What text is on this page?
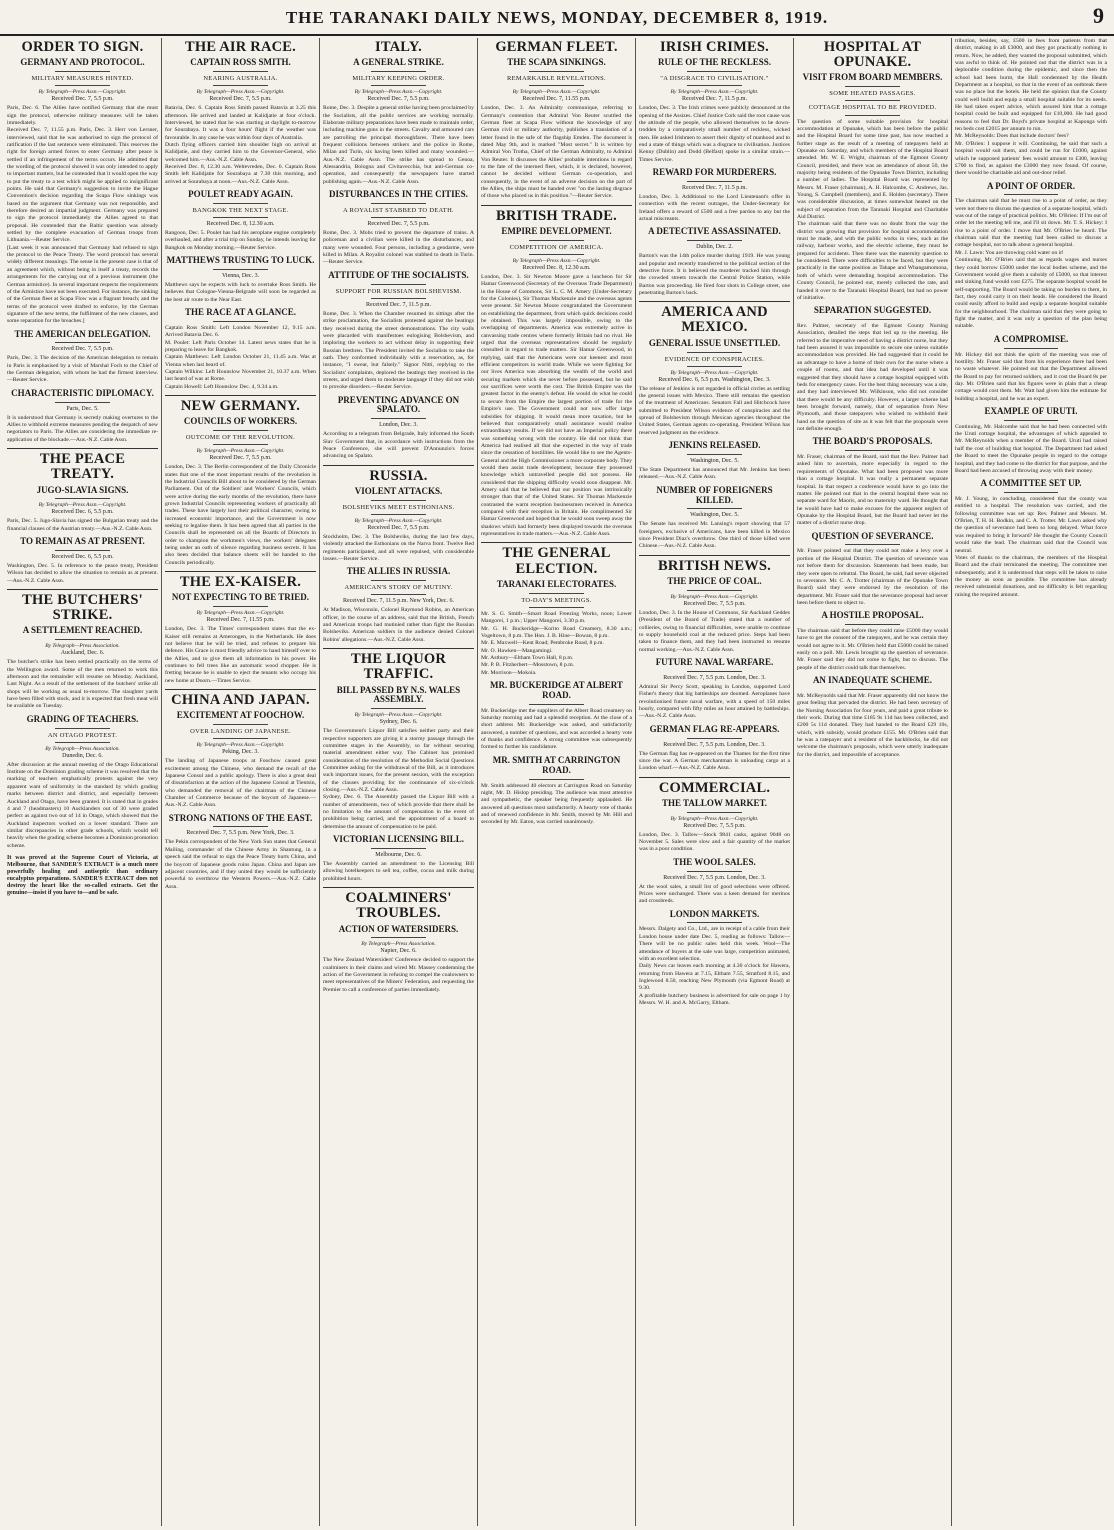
THE TARANAKI DAILY NEWS, MONDAY, DECEMBER 8, 1919.	9
ORDER TO SIGN.
GERMANY AND PROTOCOL.
MILITARY MEASURES HINTED.
By Telegraph—Press Assn.—Copyright.
Received Dec. 7, 5.5 p.m.

Paris, Dec. 6. The Allies have notified Germany that she must sign the protocol, otherwise military measures will be taken immediately.
Received Dec. 7, 11.55 p.m. Paris, Dec. 3. Herr von Lersner, interviewed, said that he was authorised to sign the protocol of ratification if the last sentence were eliminated. This reserves the right for foreign armed forces to enter Germany after peace is settled if an infringement of the terms occurs. He admitted that the wording of the protocol showed it was only intended to apply to important matters, but he contended that it would open the way to put the treaty to a test which might be applied to insignificant points. He said that Germany's suggestion to invite the Hague Convention's decision regarding the Scapa Flow sinkings was based on the argument that Germany was not responsible, and therefore desired an impartial judgment. Germany was prepared to sign the protocol immediately the Allies agreed to that proposal. He contended that the Baltic question was already settled by the complete evacuation of German troops from Lithuania.—Reuter Service.
[Last week it was announced that Germany had refused to sign the protocol to the Peace Treaty. The word protocol has several widely different meanings. The sense in the present case is that of an agreement which, without being in itself a treaty, records the arrangements for the carrying out of a previous instrument (the German armistice). In several important respects the requirements of the Armistice have not been executed. For instance, the sinking of the German fleet at Scapa Flow was a flagrant breach; and the terms of the protocol were drafted to enforce, by the German signature of the new terms, the fulfilment of the new clauses, and some reparation for the breaches.]

THE AMERICAN DELEGATION.
Received Dec. 7, 5.5 p.m.

Paris, Dec. 3. The decision of the American delegation to remain in Paris is emphasised by a visit of Marshal Foch to the Chief of the German delegation, with whom he had the firmest interview.—Reuter Service.

CHARACTERISTIC DIPLOMACY.
Paris, Dec. 5.

It is understood that Germany is secretly making overtures to the Allies to withhold extreme measures pending the despatch of new negotiators to Paris. The Allies are considering the immediate re-application of the blockade.—Aus.-N.Z. Cable Assn.

THE PEACE TREATY.
JUGO-SLAVIA SIGNS.
By Telegraph—Press Assn.—Copyright.
Received Dec. 6, 5.5 p.m.

Paris, Dec. 5. Jugo-Slavia has signed the Bulgarian treaty and the financial clauses of the Austrian treaty.—Aus.-N.Z. Cable Assn.

TO REMAIN AS AT PRESENT.
Received Dec. 6, 5.5 p.m.

Washington, Dec. 5. In reference to the peace treaty, President Wilson has decided to allow the situation to remain as at present.—Aus.-N.Z. Cable Assn.

THE BUTCHERS' STRIKE.
A SETTLEMENT REACHED.
By Telegraph—Press Association.
Auckland, Dec. 6.

The butcher's strike has been settled practically on the terms of the Wellington award. Some of the men returned to work this afternoon and the remainder will resume on Monday. Auckland, Last Night. As a result of the settlement of the butchers' strike all shops will be working as usual to-morrow. The slaughter yards have been filled with stock, and it is expected that fresh meat will be available on Tuesday.

GRADING OF TEACHERS.
AN OTAGO PROTEST.
By Telegraph—Press Association.
Dunedin, Dec. 6.

After discussion at the annual meeting of the Otago Educational Institute on the Dominion grading scheme it was resolved that the marking of teachers emphatically protests against the very apparent want of uniformity in the standard by which grading marks between district and district, and especially between Auckland and Otago, have been granted. It is stated that in grades 4 and 7 (headmasters) 10 Aucklanders out of 30 were graded perfect as against two out of 14 in Otago, which showed that the Auckland inspectors worked on a lower standard. There are similar discrepancies in other grade schools, which would tell heavily when the grading scheme becomes a Dominion promotion scheme.

It was proved at the Supreme Court of Victoria, at Melbourne, that SANDER'S EXTRACT is a much more powerfully healing and antiseptic than ordinary eucalyptus preparations. SANDER'S EXTRACT does not destroy the heart like the so-called extracts. Get the genuine—insist if you have to—and be safe.
THE AIR RACE.
CAPTAIN ROSS SMITH.
NEARING AUSTRALIA.
By Telegraph—Press Assn.—Copyright.
Received Dec. 7, 5.5 p.m.

Batavia, Dec. 6. Captain Ross Smith passed Batavia at 3.25 this afternoon. He arrived and landed at Kalidjatie at four o'clock. Interviewed, he stated that he was starting at daylight to-morrow for Sourabaya. It was a four hours' flight if the weather was favourable. In any case he was within four days of Australia.
Dutch flying officers carried him shoulder high on arrival at Kalidjatie, and they carried him to the Governor-General, who welcomed him.—Aus.-N.Z. Cable Assn.
Received Dec. 8, 12.30 a.m. Weltevreden, Dec. 6. Captain Ross Smith left Kalidjatie for Sourabaya at 7.30 this morning, and arrived at Sourabaya at noon.—Aus.-N.Z. Cable Assn.

POULET READY AGAIN.
BANGKOK THE NEXT STAGE.
Received Dec. 8, 12.30 a.m.

Rangoon, Dec. 5. Poulet has had his aeroplane engine completely overhauled, and after a trial trip on Sunday, he intends leaving for Bangkok on Monday morning.—Reuter Service.

MATTHEWS TRUSTING TO LUCK.
Vienna, Dec. 3.

Matthews says he expects with luck to overtake Ross Smith. He believes that Cologne-Vienna-Belgrade will soon be regarded as the best air route to the Near East.

THE RACE AT A GLANCE.

Captain Ross Smith: Left London November 12, 9.15 a.m. Arrived Batavia Dec. 6.
M. Poulet: Left Paris October 14. Latest news states that he is preparing to leave for Bangkok.
Captain Matthews: Left London October 21, 11.45 a.m. Was at Vienna when last heard of.
Captain Wilkins: Left Hounslow November 21, 10.37 a.m. When last heard of was at Rome.
Captain Howell: Left Hounslow Dec. 4, 9.34 a.m.

NEW GERMANY.
COUNCILS OF WORKERS.
OUTCOME OF THE REVOLUTION.
By Telegraph—Press Assn.—Copyright.
Received Dec. 7, 5.5 p.m.

London, Dec. 3. The Berlin correspondent of the Daily Chronicle states that one of the most important results of the revolution is the Industrial Councils Bill about to be considered by the German Parliament. Out of the Soldiers' and Workers' Councils, which were active during the early months of the revolution, there have grown Industrial Councils representing workers of practically all trades. These have largely lost their political character, owing to increased economic importance, and the Government is now seeking to legalise them. It has been agreed that all parties in the Councils shall be represented on all the Boards of Directors in order to champion the workmen's views, the workers' delegates being under an oath of silence regarding business secrets. It has also been decided that balance sheets will be handed to the Councils periodically.

THE EX-KAISER.
NOT EXPECTING TO BE TRIED.
By Telegraph—Press Assn.—Copyright.
Received Dec. 7, 11.55 p.m.

London, Dec. 3. The Times' correspondent states that the ex-Kaiser still remains at Amerongen, in the Netherlands. He does not believe that he will be tried, and refuses to prepare his defence. His Grace is most friendly advice to hand himself over to the Allies, and to give them all information in his power. He continues to fell trees like an automatic wood chopper. He is fretting because he is unable to eject the tenants who occupy his new home at Doorn.—Times Service.

CHINA AND JAPAN.
EXCITEMENT AT FOOCHOW.
OVER LANDING OF JAPANESE.
By Telegraph—Press Assn.—Copyright.
Peking, Dec. 3.

The landing of Japanese troops at Foochow caused great excitement among the Chinese, who demand the recall of the Japanese Consul and a public apology. There is also a great deal of dissatisfaction at the action of the Japanese Consul at Tientsin, who demanded the removal of the chairman of the Chinese Chamber of Commerce because of the boycott of Japanese.—Aus.-N.Z. Cable Assn.

STRONG NATIONS OF THE EAST.
Received Dec. 7, 5.5 p.m. New York, Dec. 3.

The Pekin correspondent of the New York Sun states that General Mailing, commander of the Chinese Army in Shantung, in a speech said the refusal to sign the Peace Treaty hurts China, and the boycott of Japanese goods ruins Japan. China and Japan are adjacent countries, and if they united they would be sufficiently powerful to overthrow the Western Powers.—Aus.-N.Z. Cable Assn.

ITALY.
A GENERAL STRIKE.
MILITARY KEEPING ORDER.
By Telegraph—Press Assn.—Copyright.
Received Dec. 7, 5.5 p.m.

Rome, Dec. 3. Despite a general strike having been proclaimed by the Socialists, all the public services are working normally. Elaborate military preparations have been made to maintain order, including machine guns in the streets. Cavalry and armoured cars are patrolling the principal thoroughfares. There have been frequent collisions between strikers and the police in Rome, Milan and Turin, six having been killed and many wounded.—Aus.-N.Z. Cable Assn. The strike has spread to Genoa, Alessandria, Bologna and Civitavecchia, but anti-German co-operation, and consequently the newspapers have started publishing again.—Aus.-N.Z. Cable Assn.

DISTURBANCES IN THE CITIES.
A ROYALIST STABBED TO DEATH.
Received Dec. 7, 5.5 p.m.

Rome, Dec. 3. Mobs tried to prevent the departure of trains. A policeman and a civilian were killed in the disturbances, and many were wounded. Four persons, including a gendarme, were killed in Milan. A Royalist colonel was stabbed to death in Turin.—Reuter Service.

ATTITUDE OF THE SOCIALISTS.
SUPPORT FOR RUSSIAN BOLSHEVISM.
Received Dec. 7, 11.5 p.m.

Rome, Dec. 3. When the Chamber resumed its sittings after the strike proclamation, the Socialists protested against the beatings they received during the street demonstrations. The city walls were placarded with manifestoes eulogising Bolshevism, and imploring the workers to act without delay in supporting their Russian brethren. The President invited the Socialists to take the oath. They conformed individually with a reservation, as, for instance, "I swear, but falsely." Signor Nitti, replying to the Socialists' complaints, deplored the beatings they received in the streets, and urged them to moderate language if they did not wish to provoke disorders.—Reuter Service.

PREVENTING ADVANCE ON SPALATO.
London, Dec. 3.

According to a telegram from Belgrade, Italy informed the South Slav Government that, in accordance with instructions from the Peace Conference, she will prevent D'Annunzio's forces advancing on Spalato.

RUSSIA.
VIOLENT ATTACKS.
BOLSHEVIKS MEET ESTHONIANS.
By Telegraph—Press Assn.—Copyright.
Received Dec. 7, 5.5 p.m.

Stockholm, Dec. 3. The Bolsheviks, during the last few days, violently attacked the Esthonians on the Narva front. Twelve Red regiments participated, and all were repulsed, with considerable losses.—Reuter Service.

THE ALLIES IN RUSSIA.
AMERICAN'S STORY OF MUTINY.
Received Dec. 7, 11.5 p.m. New York, Dec. 6.

At Madison, Wisconsin, Colonel Raymond Robins, an American officer, in the course of an address, said that the British, French and American troops had mutinied rather than fight the Russian Bolsheviks. American soldiers in the audience denied Colonel Robins' allegations.—Aus.-N.Z. Cable Assn.

THE LIQUOR TRAFFIC.
BILL PASSED BY N.S. WALES ASSEMBLY.
By Telegraph—Press Assn.—Copyright.
Sydney, Dec. 6.

The Government's Liquor Bill satisfies neither party and their respective supporters are giving it a stormy passage through the committee stages in the Assembly, so far without securing material amendment either way. The Cabinet has promised consideration of the resolution of the Methodist Social Questions Committee asking for the withdrawal of the Bill, as it introduces such important issues, for the present session, with the exception of the clauses providing for the continuance of six-o'clock closing.—Aus.-N.Z. Cable Assn.
Sydney, Dec. 6. The Assembly passed the Liquor Bill with a number of amendments, two of which provide that there shall be no limitation to the amount of compensation in the event of prohibition being carried, and the appointment of a board to determine the amount of compensation to be paid.

VICTORIAN LICENSING BILL.
Melbourne, Dec. 6.

The Assembly carried an amendment to the Licensing Bill allowing hotelkeepers to sell tea, coffee, cocoa and milk during prohibited hours.

COALMINERS' TROUBLES.
ACTION OF WATERSIDERS.
By Telegraph—Press Association.
Napier, Dec. 6.

The New Zealand Watersiders' Conference decided to support the coalminers in their claims and wired Mr. Massey condemning the action of the Government in refusing to compel the coalowners to meet representatives of the Miners' Federation, and requesting the Premier to call a conference of parties immediately.

GERMAN FLEET.
THE SCAPA SINKINGS.
REMARKABLE REVELATIONS.
By Telegraph—Press Assn.—Copyright.
Received Dec. 7, 11.55 p.m.

London, Dec. 3. An Admiralty communique, referring to Germany's contention that Admiral Von Reuter scuttled the German fleet at Scapa Flow without the knowledge of any German civil or military authority, publishes a translation of a letter found in the safe of the flagship Emden. The document is dated May 9th, and is marked "Most secret." It is written by Admiral Von Trotha, Chief of the German Admiralty, to Admiral Von Reuter. It discusses the Allies' probable intentions in regard to the fate of the interned fleet, which, it is declared, however, cannot be decided without German co-operation, and consequently, in the event of an adverse decision on the part of the Allies, the ships must be handed over "on the lasting disgrace of those who placed us in this position."—Reuter Service.

BRITISH TRADE.
EMPIRE DEVELOPMENT.
COMPETITION OF AMERICA.
By Telegraph—Press Assn.—Copyright.
Received Dec. 8, 12.30 a.m.

London, Dec. 3. Sir Newton Moore gave a luncheon for Sir Hamar Greenwood (Secretary of the Overseas Trade Department) in the House of Commons, Sir L. C. M. Amery (Under-Secretary for the Colonies), Sir Thomas Mackenzie and the overseas agents were present. Sir Newton Moore congratulated the Government on establishing the department, from which quick decisions could be obtained. This was largely impossible, owing to the overlapping of departments. America was extremely active in canvassing trade centres where formerly Britain had no rival. He urged that the overseas representatives should be regularly consulted in regard to trade matters. Sir Hamar Greenwood, in replying, said that the Americans were our keenest and most efficient competitors in world trade. While we were fighting for our lives America was absorbing the wealth of the world and securing markets which she never before possessed, but he said our sacrifices were worth the cost. The British Empire was the greatest factor in the enemy's defeat. He would do what he could to secure from the Empire the largest portion of trade for the Empire's use. The Government could not now offer large subsidies for shipping. It would mean more taxation, but he believed that comparatively small assistance would realise extraordinary results. If we did not have an Imperial policy there was something wrong with the country. He did not think that America had realised all that she expected in the way of trade since the cessation of hostilities. He would like to see the Agents-General and the High Commissioner a more corporate body. They would then assist trade development, because they possessed knowledge which untravelled people did not possess. He considered that the shipping difficulty would soon disappear. Mr. Amery said that he believed that our position was intrinsically stronger than that of the United States. Sir Thomas Mackenzie contrasted the warm reception businessmen received in America compared with their reception in Britain. He complimented Sir Hamar Greenwood and hoped that he would soon sweep away the shadows which had formerly been displayed towards the overseas representatives in trade matters.—Aus.-N.Z. Cable Assn.

THE GENERAL ELECTION.
TARANAKI ELECTORATES.
TO-DAY'S MEETINGS.

Mr. S. G. Smith—Smart Road Freezing Works, noon; Lower Mangorei, 1 p.m.; Upper Mangorei, 3.30 p.m.
Mr. G. H. Buckeridge—Korito Road Creamery, 8.30 a.m.; Vogeltown, 8 p.m. The Hon. J. B. Hine—Bowan, 8 p.m.
Mr. E. Maxwell—Kent Road; Pembroke Road, 8 p.m.
Mr. O. Hawken—Mangamingi.
Mr. Astbury—Eltham Town Hall, 8 p.m.
Mr. P. B. Fitzherbert—Mosstown, 8 p.m.
Mr. Morrison—Mokoia.

MR. BUCKERIDGE AT ALBERT ROAD.

Mr. Buckeridge met the suppliers of the Albert Road creamery on Saturday morning and had a splendid reception. At the close of a short address Mr. Buckeridge was asked, and satisfactorily answered, a number of questions, and was accorded a hearty vote of thanks and confidence. A strong committee was subsequently formed to further his candidature.

MR. SMITH AT CARRINGTON ROAD.

Mr. Smith addressed 40 electors at Carrington Road on Saturday night, Mr. D. Hislop presiding. The audience was most attentive and sympathetic, the speaker being frequently applauded. He answered all questions most satisfactorily. A hearty vote of thanks and of renewed confidence in Mr. Smith, moved by Mr. Hill and seconded by Mr. Eaton, was carried unanimously.

IRISH CRIMES.
RULE OF THE RECKLESS.
"A DISGRACE TO CIVILISATION."
By Telegraph—Press Assn.—Copyright.
Received Dec. 7, 11.5 p.m.

London, Dec. 3. The Irish crimes were publicly denounced at the opening of the Assizes. Chief Justice Cork said the root cause was the attitude of the people, who allowed themselves to be down-trodden by a comparatively small number of reckless, wicked men. He asked Irishmen to assert their dignity of manhood and to end a state of things which was a disgrace to civilisation. Justices Kenny (Dublin) and Dodd (Belfast) spoke in a similar strain.—Times Service.

REWARD FOR MURDERERS.
Received Dec. 7, 11.5 p.m.

London, Dec. 3. Additional to the Lord Lieutenant's offer in connection with the recent outrages, the Under-Secretary for Ireland offers a reward of £500 and a free pardon to any but the actual miscreants.

A DETECTIVE ASSASSINATED.
Dublin, Dec. 2.

Barton's was the 14th police murder during 1919. He was young and popular and recently transferred to the political section of the detective force. It is believed the murderer tracked him through the crowded streets towards the Central Police Station, while Barton was proceeding. He fired four shots in College street, one penetrating Barton's back.

AMERICA AND MEXICO.
GENERAL ISSUE UNSETTLED.
EVIDENCE OF CONSPIRACIES.
By Telegraph—Press Assn.—Copyright.
Received Dec. 6, 5.5 p.m. Washington, Dec. 3.

The release of Jenkins is not regarded in official circles as settling the general issues with Mexico. There still remains the question of the treatment of Americans. Senators Fall and Hitchcock have submitted to President Wilson evidence of conspiracies and the spread of Bolshevism through Mexican agencies throughout the United States, German agents co-operating. President Wilson has reserved judgment on the evidence.

JENKINS RELEASED.
Washington, Dec. 5.

The State Department has announced that Mr. Jenkins has been released.—Aus.-N.Z. Cable Assn.

NUMBER OF FOREIGNERS KILLED.
Washington, Dec. 5.

The Senate has received Mr. Lansing's report showing that 57 foreigners, exclusive of Americans, have been killed in Mexico since President Diaz's overthrow. One third of those killed were Chinese.—Aus.-N.Z. Cable Assn.

BRITISH NEWS.
THE PRICE OF COAL.
By Telegraph—Press Assn.—Copyright.
Received Dec. 7, 5.5 p.m.

London, Dec. 3. In the House of Commons, Sir Auckland Geddes (President of the Board of Trade) stated that a number of collieries, owing to financial difficulties, were unable to continue to supply household coal at the reduced price. Steps had been taken to finance them, and they had been instructed to resume normal working.—Aus.-N.Z. Cable Assn.

FUTURE NAVAL WARFARE.
Received Dec. 7, 5.5 p.m. London, Dec. 3.

Admiral Sir Percy Scott, speaking in London, supported Lord Fisher's theory that big battleships are doomed. Aeroplanes have revolutionised future naval warfare, with a speed of 150 miles hourly, compared with fifty miles an hour attained by battleships.—Aus.-N.Z. Cable Assn.

GERMAN FLAG RE-APPEARS.
Received Dec. 7, 5.5 p.m. London, Dec. 3.

The German flag has re-appeared on the Thames for the first time since the war. A German merchantman is unloading cargo at a London wharf.—Aus.-N.Z. Cable Assn.

COMMERCIAL.
THE TALLOW MARKET.
By Telegraph—Press Assn.—Copyright.
Received Dec. 7, 5.5 p.m.

London, Dec. 3. Tallow—Stock 9841 casks, against 9048 on November 5. Sales were slow and a fair quantity of the market was in a poor condition.

THE WOOL SALES.
Received Dec. 7, 5.5 p.m. London, Dec. 3.

At the wool sales, a small list of good selections were offered. Prices were unchanged. There was a keen demand for merinos and crossbreds.

LONDON MARKETS.

Messrs. Dalgety and Co., Ltd., are in receipt of a cable from their London house under date Dec. 5, reading as follows: Tallow—There will be no public sales held this week. Wool—The attendance of buyers at the sale was large, competition animated, with an excellent selection.
Daily News car leaves each morning at 4.30 o'clock for Hawera, returning from Hawera at 7.15, Eltham 7.55, Stratford 8.15, and Inglewood 8.50, reaching New Plymouth (via Egmont Road) at 9.30.
A profitable butchery business is advertised for sale on page 1 by Messrs. W. H. and A. McGarry, Eltham.

HOSPITAL AT OPUNAKE.
VISIT FROM BOARD MEMBERS.
SOME HEATED PASSAGES.
COTTAGE HOSPITAL TO BE PROVIDED.

The question of some suitable provision for hospital accommodation at Opunake, which has been before the public and the Hospital Board for some time past, has now reached a further stage as the result of a meeting of ratepayers held at Opunake on Saturday, and which members of the Hospital Board attended. Mr. W. E. Wright, chairman of the Egmont County Council, presided, and there was an attendance of about 50, the majority being residents of the Opunake Town District, including a number of ladies. The Hospital Board was represented by Messrs. M. Fraser (chairman), A. H. Halcombe, C. Andrews, Jas. Young, S. Campbell (members), and E. Holden (secretary). There was considerable discussion, at times somewhat heated on the subject of separation from the Taranaki Hospital and Charitable Aid District.
The chairman said that there was no doubt from the way the district was growing that provision for hospital accommodation must be made, and with the public works in view, such as the railway, harbour works, and the electric scheme, they must be prepared for accidents. Then there was the maternity question to be considered. There were difficulties to be faced, but they were practically in the same position as Tahape and Whangamomona, both of which were demanding hospital accommodation. The County Council, he pointed out, merely collected the rate, and handed it over to the Taranaki Hospital Board, but had no power of initiative.

SEPARATION SUGGESTED.

Rev. Palmer, secretary of the Egmont County Nursing Association, detailed the steps that led up to the meeting. He referred to the imperative need of having a district nurse, but they had been assured it was impossible to secure one unless suitable accommodation was provided. He had suggested that it could be an advantage to have a home of their own for the nurse where a couple of rooms, and that idea had developed until it was suggested that they should have a cottage hospital equipped with beds for emergency cases. For the best thing necessary was a site, and they had interviewed Mr. Wilkinson, who did not consider that there would be any difficulty. However, a larger scheme had been brought forward, namely, that of separation from New Plymouth, and those ratepayers who wished to withhold their hand on the question of site as it was felt that the proposals were not definite enough.

THE BOARD'S PROPOSALS.

Mr. Fraser, chairman of the Board, said that the Rev. Palmer had asked him to ascertain, more especially in regard to the requirements of Opunake. What had been proposed was more than a cottage hospital. It was really a permanent separate hospital. In that respect a conference would have to go into the matter. He pointed out that in the central hospital there was no separate ward for Maoris, and no maternity ward. He thought that he would have had to make excuses for the apparent neglect of Opunake by the Hospital Board, but the Board had never let the matter of a district nurse drop.

QUESTION OF SEVERANCE.

Mr. Fraser pointed out that they could not make a levy over a portion of the Hospital District. The question of severance was not before them for discussion. Statements had been made, but they were open to rebuttal. The Board, he said, had never objected to severance. Mr. C. A. Trotter (chairman of the Opunake Town Board) said they were endorsed by the resolution of the department. Mr. Fraser said that the severance proposal had never been before them to object to.

A HOSTILE PROPOSAL.

The chairman said that before they could raise £5000 they would have to get the consent of the ratepayers, and he was certain they would not agree to it. Mr. O'Brien held that £5000 could be raised easily on a poll. Mr. Lewis brought up the question of severance. Mr. Fraser said they did not come to fight, but to discuss. The people of the district could talk that themselves.

AN INADEQUATE SCHEME.

Mr. McReynolds said that Mr. Fraser apparently did not know the great feeling that pervaded the district. He had been secretary of the Nursing Association for four years, and paid a great tribute to their work. During that time £185 9s 11d has been collected, and £200 5s 11d donated. They had handed to the Board £29 10s, which, with subsidy, would produce £155. Mr. O'Brien said that he was a ratepayer and a resident of the backblocks, he did not welcome the chairman's proposals, which were utterly inadequate for the district, and impossible of acceptance.

tribution, besides, say, £500 in fees from patients from that district, making in all £3000, and they got practically nothing in return. Now, he added, they wanted the proposal submitted, which was awful to think of. He pointed out that the district was in a deplorable condition during the epidemic, and since then the school had been burnt, the Hall condemned by the Health Department as a hospital, so that in the event of an outbreak there was no place but the hotels. He held the opinion that the County could well build and equip a small hospital suitable for its needs. He had taken expert advice, which assured him that a cottage hospital could be built and equipped for £10,000. He had good reasons to feel that Dr. Boyd's private hospital at Kaponga with ten beds cost £2015 per annum to run.
Mr. McReynolds: Does that include doctors' fees?
Mr. O'Brien: I suppose it will. Continuing, he said that such a hospital would suit them, and could be run for £1000, against which he supposed patients' fees would amount to £300, leaving £700 to find, as against the £3000 they now found. Of course, there would be charitable aid and out-door relief.

A POINT OF ORDER.

The chairman said that he must rise to a point of order, as they were not there to discuss the question of a separate hospital, which was out of the range of practical politics. Mr. O'Brien: If I'm out of order let the meeting tell me, and I'll sit down. Mr. T. S. Hickey: I rise to a point of order. I move that Mr. O'Brien be heard. The chairman said that the meeting had been called to discuss a cottage hospital, not to talk about a general hospital.
Mr. J. Lawn: You are throwing cold water on it!
Continuing, Mr. O'Brien said that as regards wages and nurses they could borrow £5000 under the local bodies scheme, and the Government would give them a subsidy of £5000, so that interest and sinking fund would cost £275. The separate hospital would be self-supporting. The Board would be taking no burden to them, in fact, they could carry it on their heads. He considered the Board could easily afford to build and equip a separate hospital suitable for the neighbourhood. The chairman said that they were going to fight the matter, and it was only a question of the plan being suitable.

A COMPROMISE.

Mr. Hickey did not think the spirit of the meeting was one of hostility. Mr. Fraser said that from his experience there had been no waste whatever. He pointed out that the Department allowed the Board to pay for returned soldiers, and it cost the Board 8s per day. Mr. O'Brien said that his figures were in plain that a cheap cottage would cost them. Mr. Watt had given him the estimate for building a hospital, and he was an expert.

EXAMPLE OF URUTI.

Continuing, Mr. Halcombe said that he had been connected with the Uruti cottage hospital, the advantages of which appealed to Mr. McReynolds when a member of the Board. Uruti had raised half the cost of building that hospital. The Department had asked the Board to meet the Opunake people in regard to the cottage hospital, and they had come to the district for that purpose, and the Board had been accused of throwing away with their money.

A COMMITTEE SET UP.

Mr. J. Young, in concluding, considered that the county was entitled to a hospital. The resolution was carried, and the following committee was set up: Rev. Palmer and Messrs. M. O'Brien, T. H. H. Bodkin, and C. A. Trotter. Mr. Lawn asked why the question of severance had been so long delayed. What force was required to bring it forward? He thought the County Council would take the lead. The chairman said that the Council was neutral.
Votes of thanks to the chairman, the members of the Hospital Board and the chair terminated the meeting. The committee met subsequently, and it is understood that steps will be taken to raise the money as soon as possible. The committee has already received substantial donations, and no difficulty is felt regarding raising the required amount.
